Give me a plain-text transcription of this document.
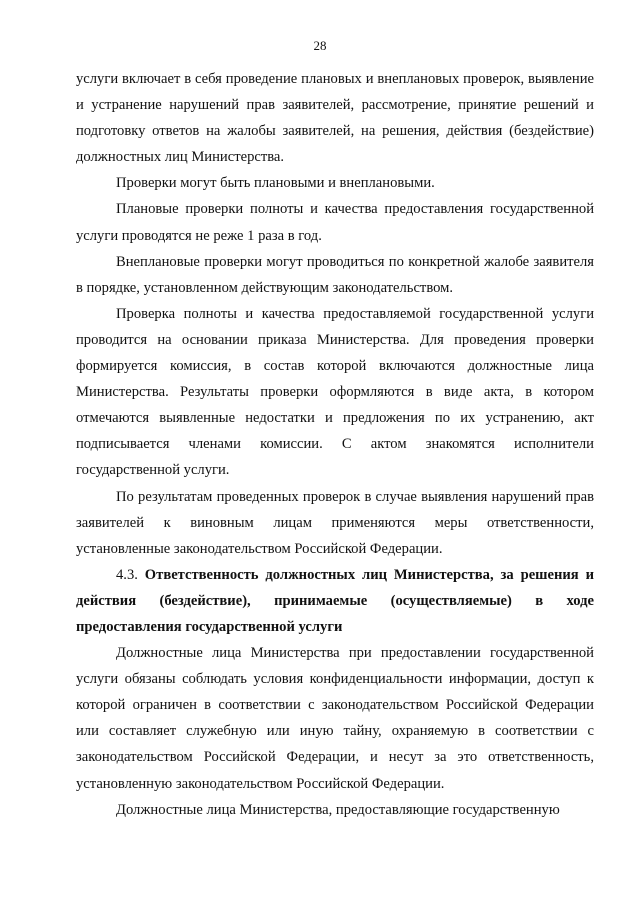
28

услуги включает в себя проведение плановых и внеплановых проверок, выявление и устранение нарушений прав заявителей, рассмотрение, принятие решений и подготовку ответов на жалобы заявителей, на решения, действия (бездействие) должностных лиц Министерства.

Проверки могут быть плановыми и внеплановыми.

Плановые проверки полноты и качества предоставления государственной услуги проводятся не реже 1 раза в год.

Внеплановые проверки могут проводиться по конкретной жалобе заявителя в порядке, установленном действующим законодательством.

Проверка полноты и качества предоставляемой государственной услуги проводится на основании приказа Министерства. Для проведения проверки формируется комиссия, в состав которой включаются должностные лица Министерства. Результаты проверки оформляются в виде акта, в котором отмечаются выявленные недостатки и предложения по их устранению, акт подписывается членами комиссии. С актом знакомятся исполнители государственной услуги.

По результатам проведенных проверок в случае выявления нарушений прав заявителей к виновным лицам применяются меры ответственности, установленные законодательством Российской Федерации.

4.3. Ответственность должностных лиц Министерства, за решения и действия (бездействие), принимаемые (осуществляемые) в ходе предоставления государственной услуги

Должностные лица Министерства при предоставлении государственной услуги обязаны соблюдать условия конфиденциальности информации, доступ к которой ограничен в соответствии с законодательством Российской Федерации или составляет служебную или иную тайну, охраняемую в соответствии с законодательством Российской Федерации, и несут за это ответственность, установленную законодательством Российской Федерации.

Должностные лица Министерства, предоставляющие государственную
